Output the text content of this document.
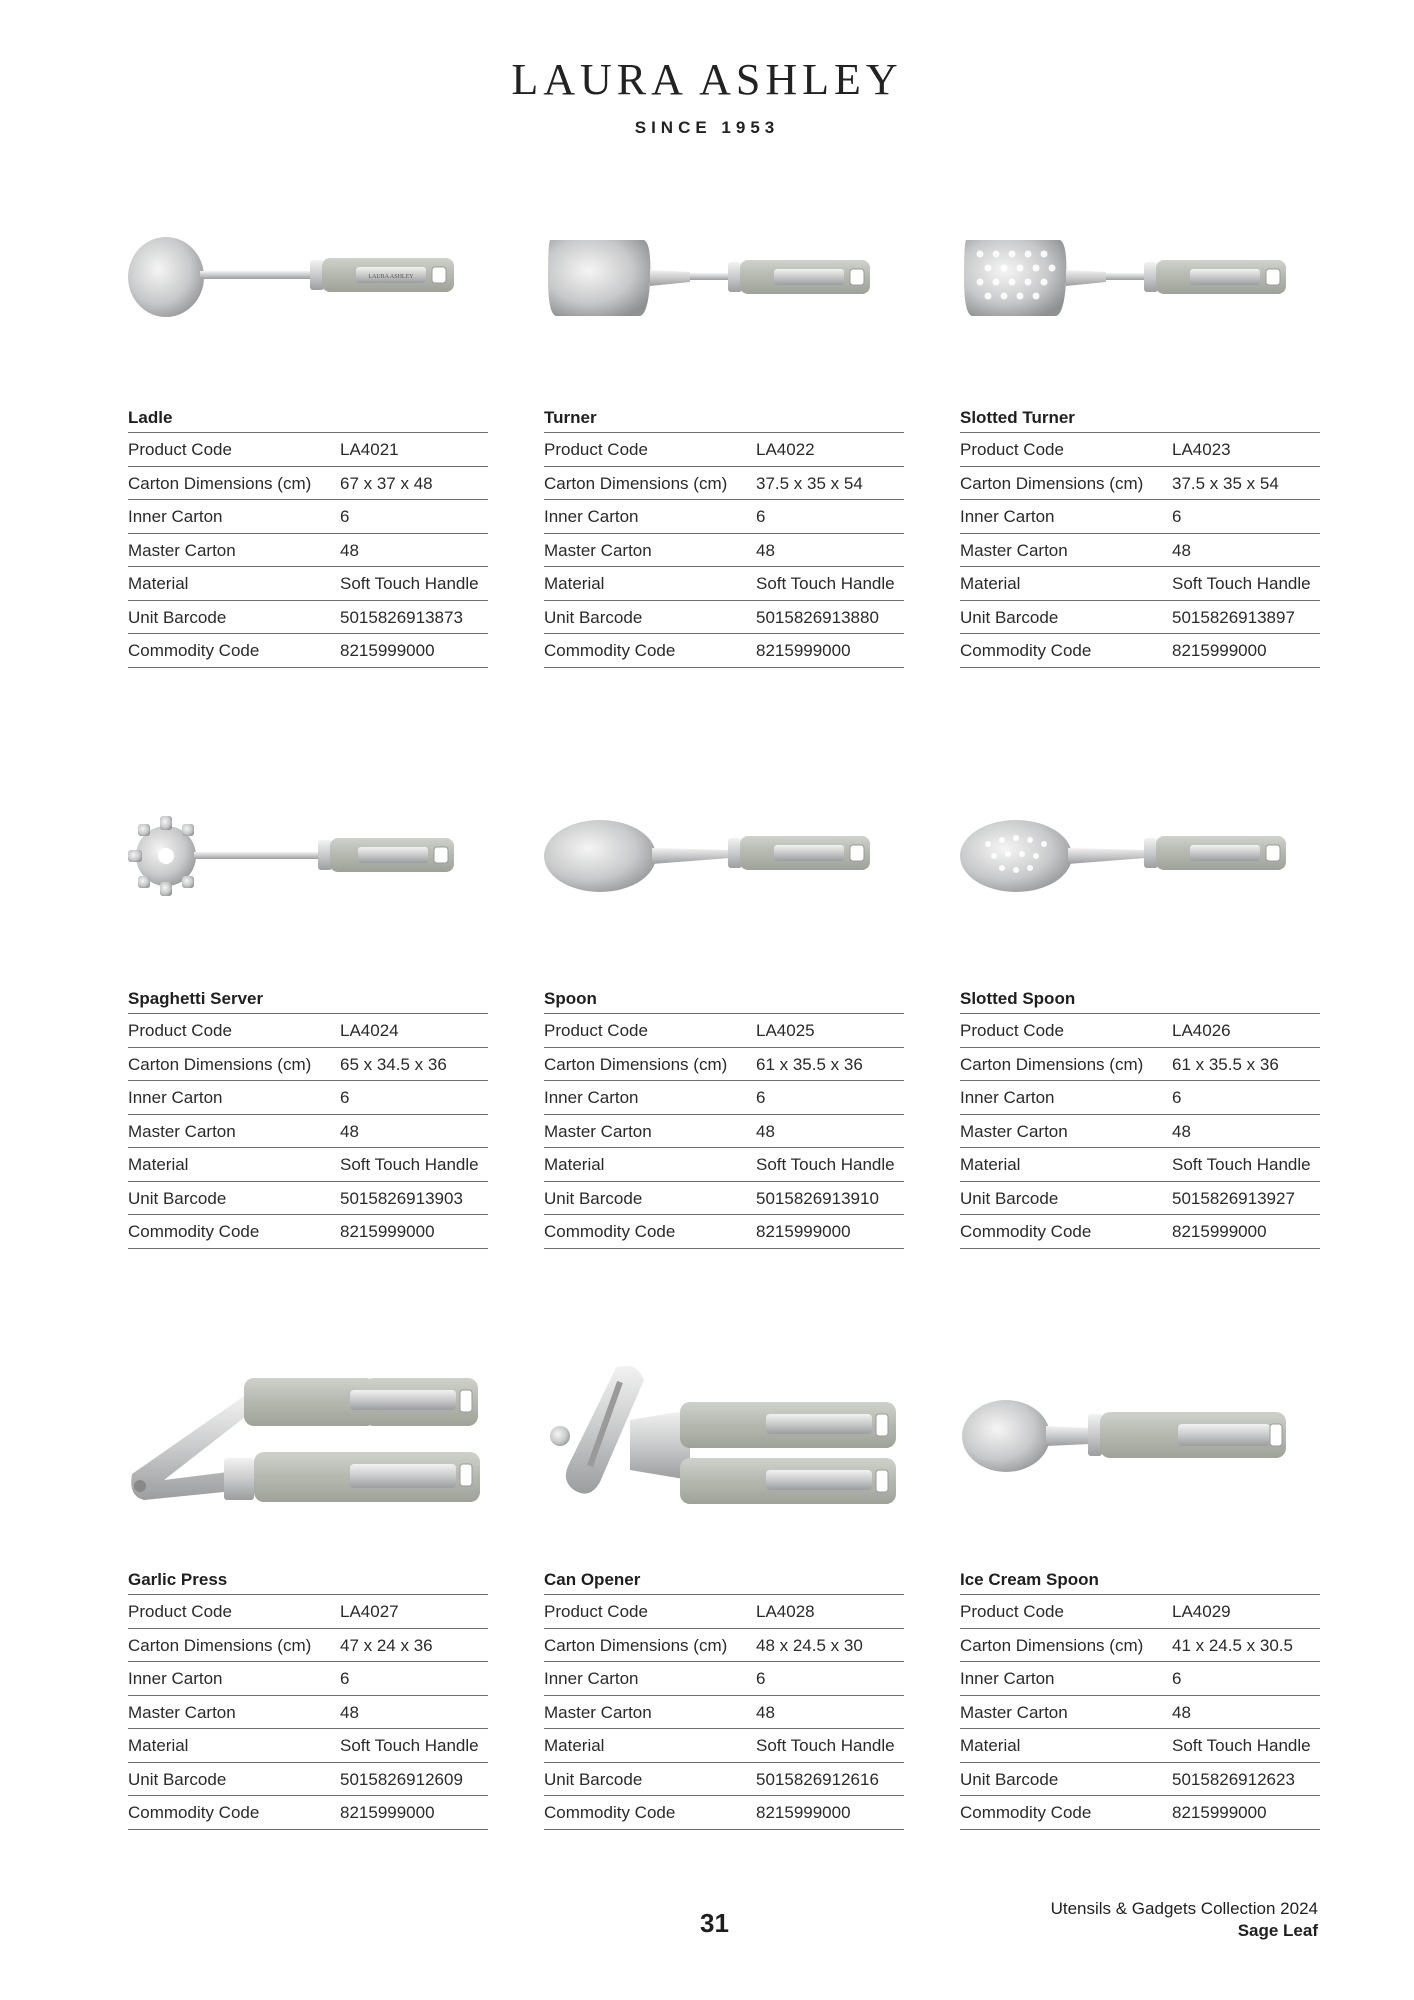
LAURA ASHLEY
SINCE 1953
LAURA ASHLEY
Ladle
Product Code	LA4021
Carton Dimensions (cm)	67 x 37 x 48
Inner Carton	6
Master Carton	48
Material	Soft Touch Handle
Unit Barcode	5015826913873
Commodity Code	8215999000
Turner
Product Code	LA4022
Carton Dimensions (cm)	37.5 x 35 x 54
Inner Carton	6
Master Carton	48
Material	Soft Touch Handle
Unit Barcode	5015826913880
Commodity Code	8215999000
Slotted Turner
Product Code	LA4023
Carton Dimensions (cm)	37.5 x 35 x 54
Inner Carton	6
Master Carton	48
Material	Soft Touch Handle
Unit Barcode	5015826913897
Commodity Code	8215999000
Spaghetti Server
Product Code	LA4024
Carton Dimensions (cm)	65 x 34.5 x 36
Inner Carton	6
Master Carton	48
Material	Soft Touch Handle
Unit Barcode	5015826913903
Commodity Code	8215999000
Spoon
Product Code	LA4025
Carton Dimensions (cm)	61 x 35.5 x 36
Inner Carton	6
Master Carton	48
Material	Soft Touch Handle
Unit Barcode	5015826913910
Commodity Code	8215999000
Slotted Spoon
Product Code	LA4026
Carton Dimensions (cm)	61 x 35.5 x 36
Inner Carton	6
Master Carton	48
Material	Soft Touch Handle
Unit Barcode	5015826913927
Commodity Code	8215999000
Garlic Press
Product Code	LA4027
Carton Dimensions (cm)	47 x 24 x 36
Inner Carton	6
Master Carton	48
Material	Soft Touch Handle
Unit Barcode	5015826912609
Commodity Code	8215999000
Can Opener
Product Code	LA4028
Carton Dimensions (cm)	48 x 24.5 x 30
Inner Carton	6
Master Carton	48
Material	Soft Touch Handle
Unit Barcode	5015826912616
Commodity Code	8215999000
Ice Cream Spoon
Product Code	LA4029
Carton Dimensions (cm)	41 x 24.5 x 30.5
Inner Carton	6
Master Carton	48
Material	Soft Touch Handle
Unit Barcode	5015826912623
Commodity Code	8215999000
31	Utensils & Gadgets Collection 2024
Sage Leaf
